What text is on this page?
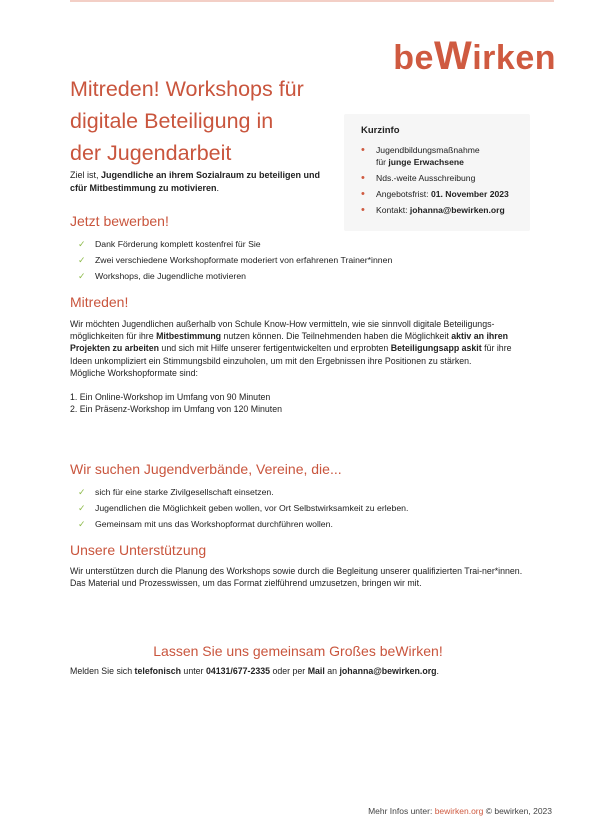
beWirken
Mitreden! Workshops für
digitale Beteiligung in
der Jugendarbeit
Ziel ist, Jugendliche an ihrem Sozialraum zu beteiligen und cfür Mitbestimmung zu motivieren.
Kurzinfo
• Jugendbildungsmaßnahme
für junge Erwachsene
• Nds.-weite Ausschreibung
• Angebotsfrist: 01. November 2023
• Kontakt: johanna@bewirken.org
Jetzt bewerben!
✓ Dank Förderung komplett kostenfrei für Sie
✓ Zwei verschiedene Workshopformate moderiert von erfahrenen Trainer*innen
✓ Workshops, die Jugendliche motivieren
Mitreden!

Wir möchten Jugendlichen außerhalb von Schule Know-How vermitteln, wie sie sinnvoll digitale Beteiligungs-möglichkeiten für ihre Mitbestimmung nutzen können. Die Teilnehmenden haben die Möglichkeit aktiv an ihren Projekten zu arbeiten und sich mit Hilfe unserer fertigentwickelten und erprobten Beteiligungsapp askit für ihre Ideen unkompliziert ein Stimmungsbild einzuholen, um mit den Ergebnissen ihre Positionen zu stärken.
Mögliche Workshopformate sind:

1. Ein Online-Workshop im Umfang von 90 Minuten
2. Ein Präsenz-Workshop im Umfang von 120 Minuten

Wir suchen Jugendverbände, Vereine, die...
✓ sich für eine starke Zivilgesellschaft einsetzen.
✓ Jugendlichen die Möglichkeit geben wollen, vor Ort Selbstwirksamkeit zu erleben.
✓ Gemeinsam mit uns das Workshopformat durchführen wollen.
Unsere Unterstützung

Wir unterstützen durch die Planung des Workshops sowie durch die Begleitung unserer qualifizierten Trai-ner*innen. Das Material und Prozesswissen, um das Format zielführend umzusetzen, bringen wir mit.

Lassen Sie uns gemeinsam Großes beWirken!
Melden Sie sich telefonisch unter 04131/677-2335 oder per Mail an johanna@bewirken.org.
Mehr Infos unter: bewirken.org © bewirken, 2023
